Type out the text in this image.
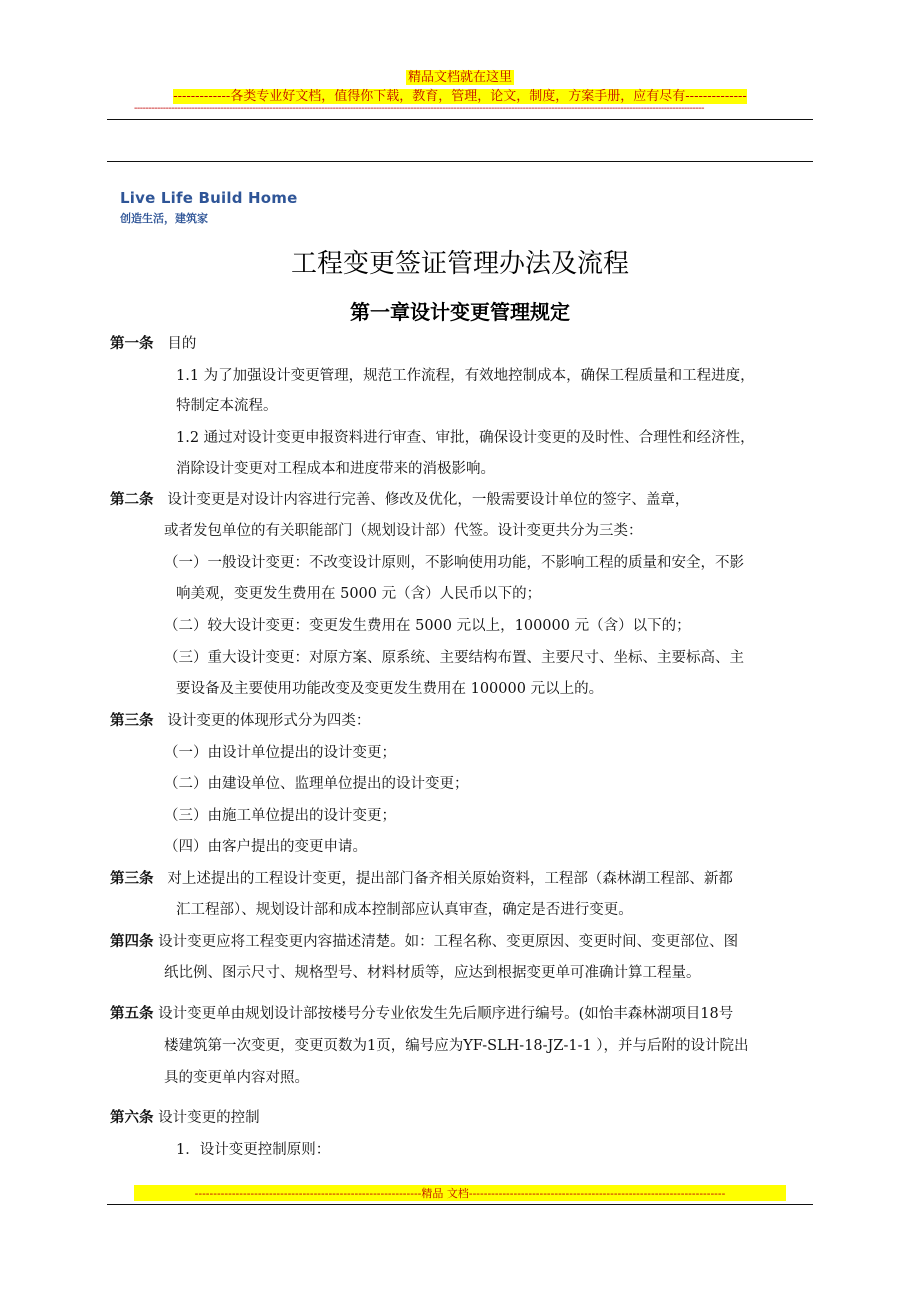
精品文档就在这里
-------------各类专业好文档，值得你下载，教育，管理，论文，制度，方案手册，应有尽有--------------
------------------------------------------------------------------------------------------------------------------------------------------------------------------------------------------------------
Live Life Build Home
创造生活，建筑家
工程变更签证管理办法及流程
第一章设计变更管理规定
第一条 目的
1.1 为了加强设计变更管理，规范工作流程，有效地控制成本，确保工程质量和工程进度，
特制定本流程。
1.2 通过对设计变更申报资料进行审查、审批，确保设计变更的及时性、合理性和经济性，
消除设计变更对工程成本和进度带来的消极影响。
第二条 设计变更是对设计内容进行完善、修改及优化，一般需要设计单位的签字、盖章，
或者发包单位的有关职能部门（规划设计部）代签。设计变更共分为三类：
（一）一般设计变更：不改变设计原则，不影响使用功能，不影响工程的质量和安全，不影
响美观，变更发生费用在 5000 元（含）人民币以下的；
（二）较大设计变更：变更发生费用在 5000 元以上，100000 元（含）以下的；
（三）重大设计变更：对原方案、原系统、主要结构布置、主要尺寸、坐标、主要标高、主
要设备及主要使用功能改变及变更发生费用在 100000 元以上的。
第三条 设计变更的体现形式分为四类：
（一）由设计单位提出的设计变更；
（二）由建设单位、监理单位提出的设计变更；
（三）由施工单位提出的设计变更；
（四）由客户提出的变更申请。
第三条 对上述提出的工程设计变更，提出部门备齐相关原始资料，工程部（森林湖工程部、新都
汇工程部）、规划设计部和成本控制部应认真审查，确定是否进行变更。
第四条 设计变更应将工程变更内容描述清楚。如：工程名称、变更原因、变更时间、变更部位、图
纸比例、图示尺寸、规格型号、材料材质等，应达到根据变更单可准确计算工程量。
第五条 设计变更单由规划设计部按楼号分专业依发生先后顺序进行编号。(如怡丰森林湖项目18号
楼建筑第一次变更，变更页数为1页，编号应为YF-SLH-18-JZ-1-1 ），并与后附的设计院出
具的变更单内容对照。
第六条 设计变更的控制
1．设计变更控制原则：
-------------------------------------------------------------精品 文档---------------------------------------------------------------------
